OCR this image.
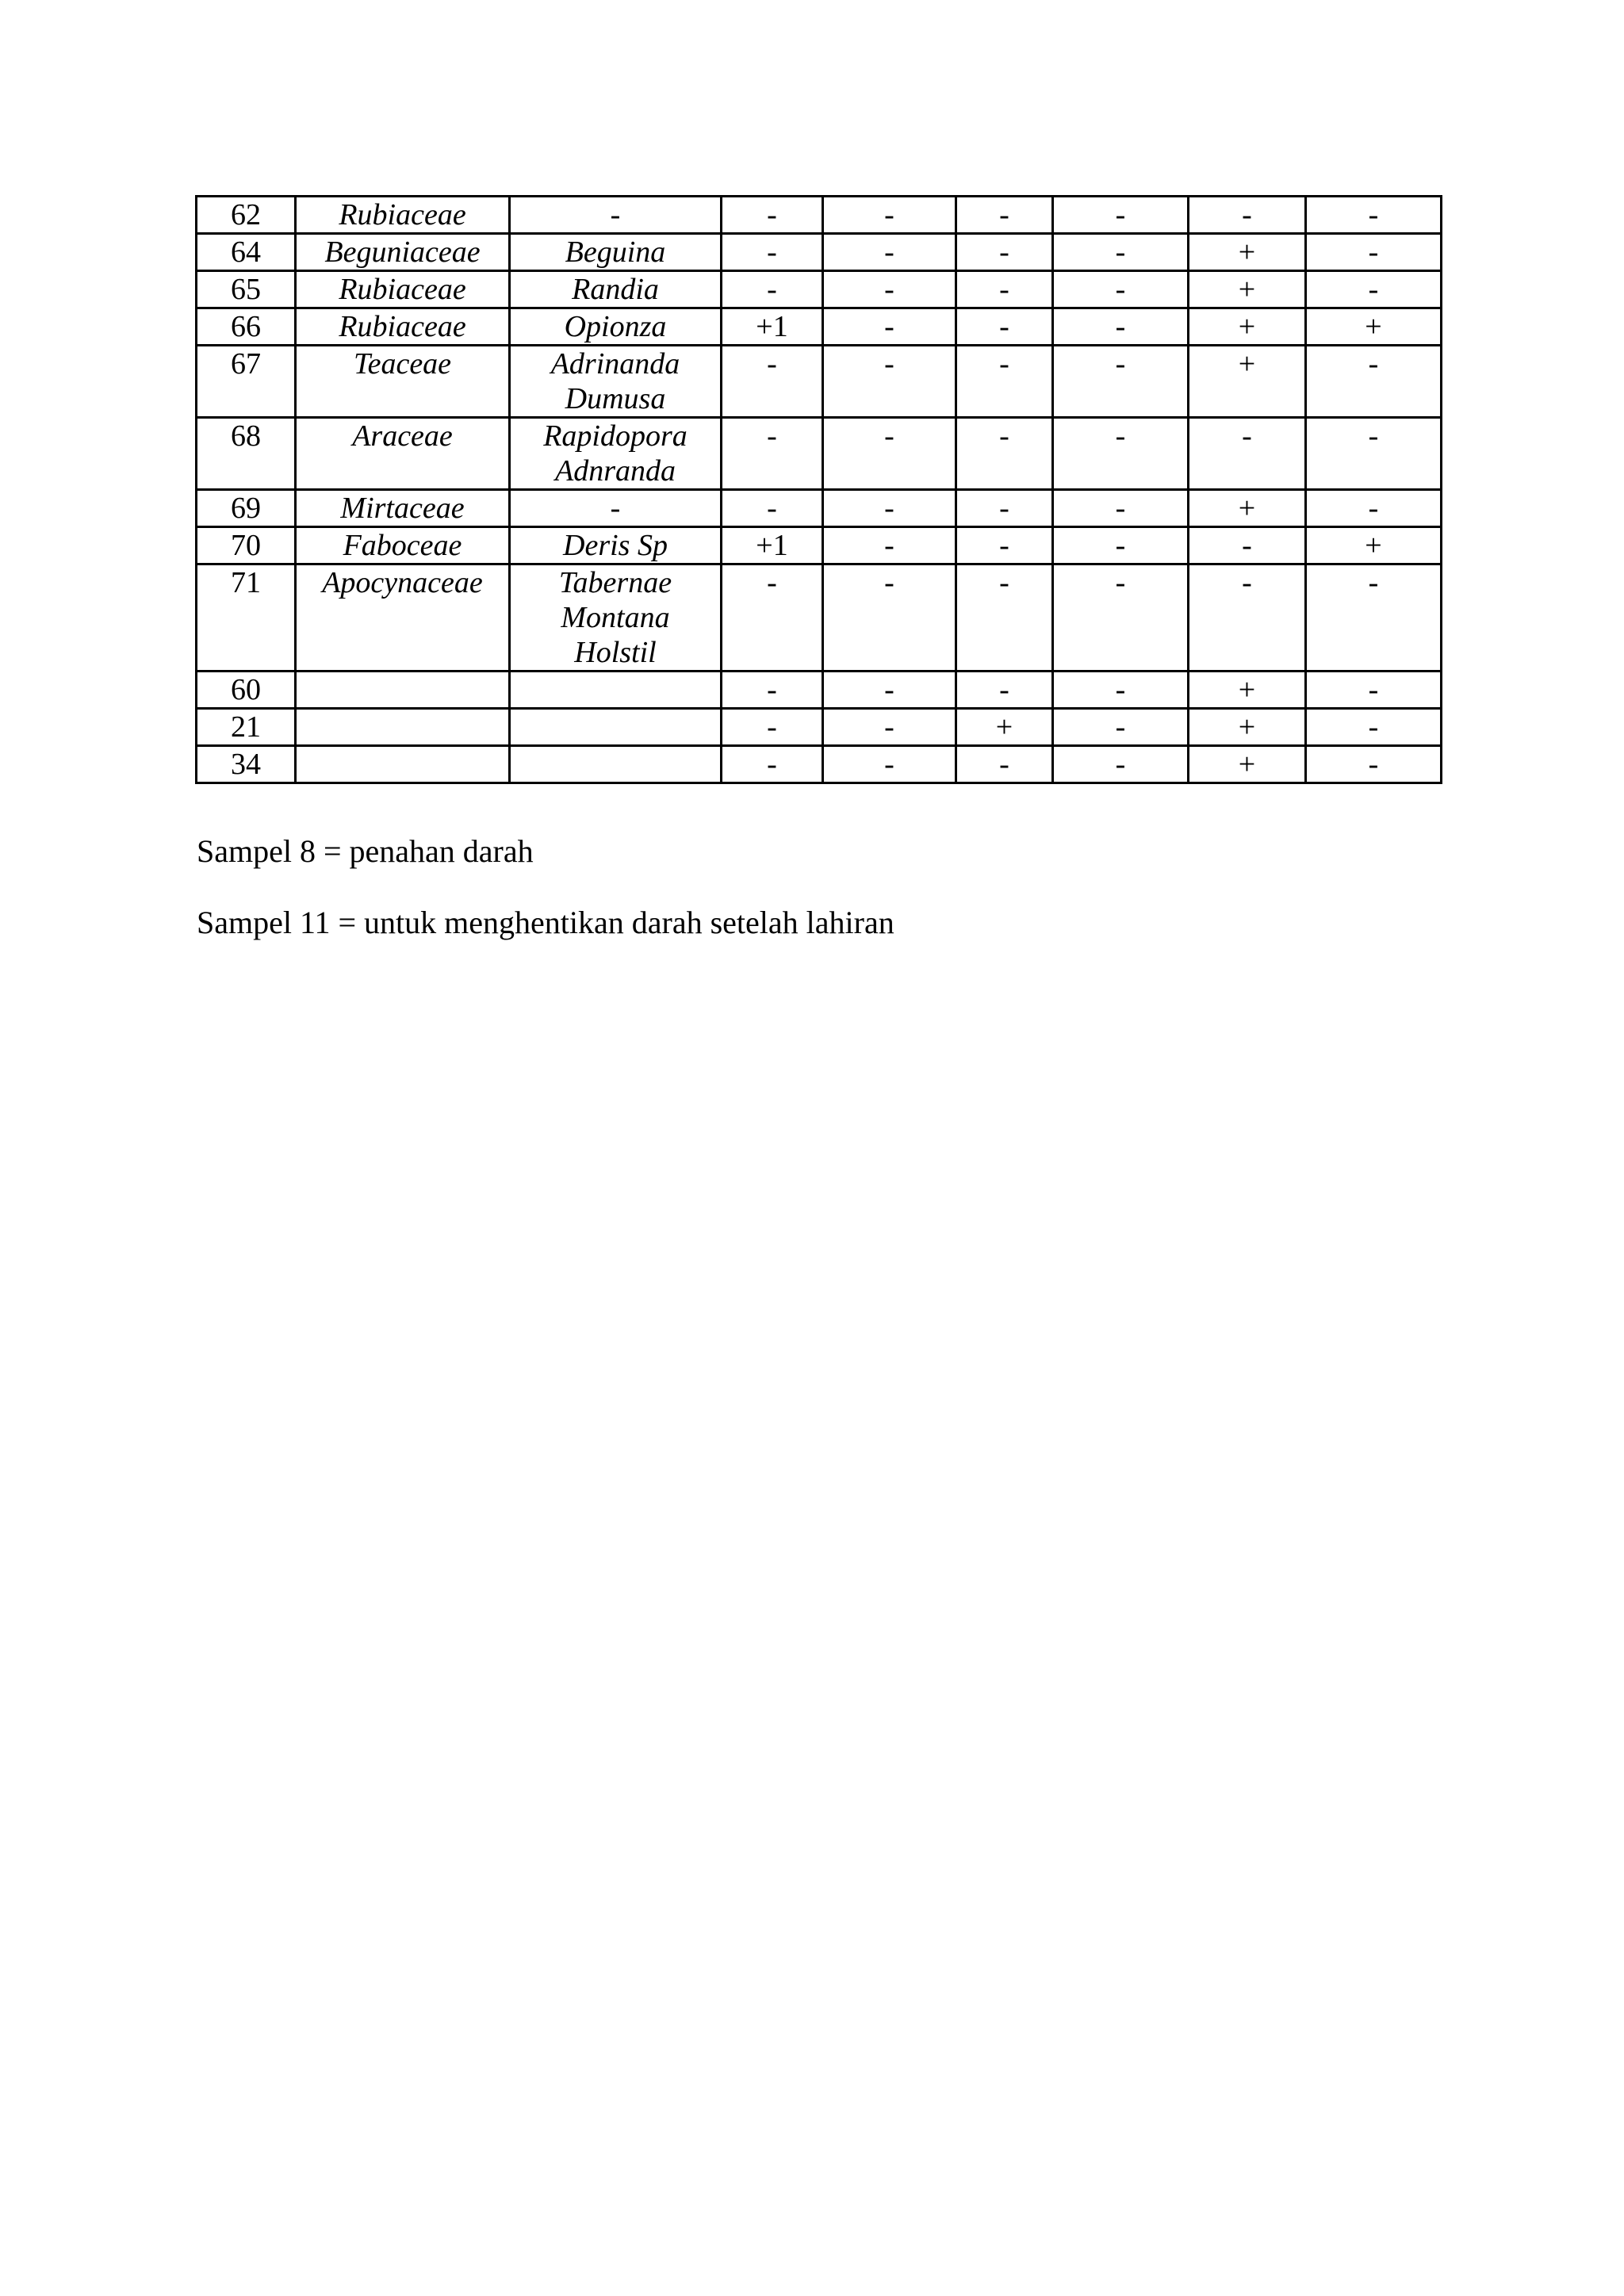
62	Rubiaceae	-	-	-	-	-	-	-
64	Beguniaceae	Beguina	-	-	-	-	+	-
65	Rubiaceae	Randia	-	-	-	-	+	-
66	Rubiaceae	Opionza	+1	-	-	-	+	+
67	Teaceae	Adrinanda
Dumusa	-	-	-	-	+	-
68	Araceae	Rapidopora
Adnranda	-	-	-	-	-	-
69	Mirtaceae	-	-	-	-	-	+	-
70	Faboceae	Deris Sp	+1	-	-	-	-	+
71	Apocynaceae	Tabernae
Montana
Holstil	-	-	-	-	-	-
60			-	-	-	-	+	-
21			-	-	+	-	+	-
34			-	-	-	-	+	-

Sampel 8 = penahan darah

Sampel 11 = untuk menghentikan darah setelah lahiran
